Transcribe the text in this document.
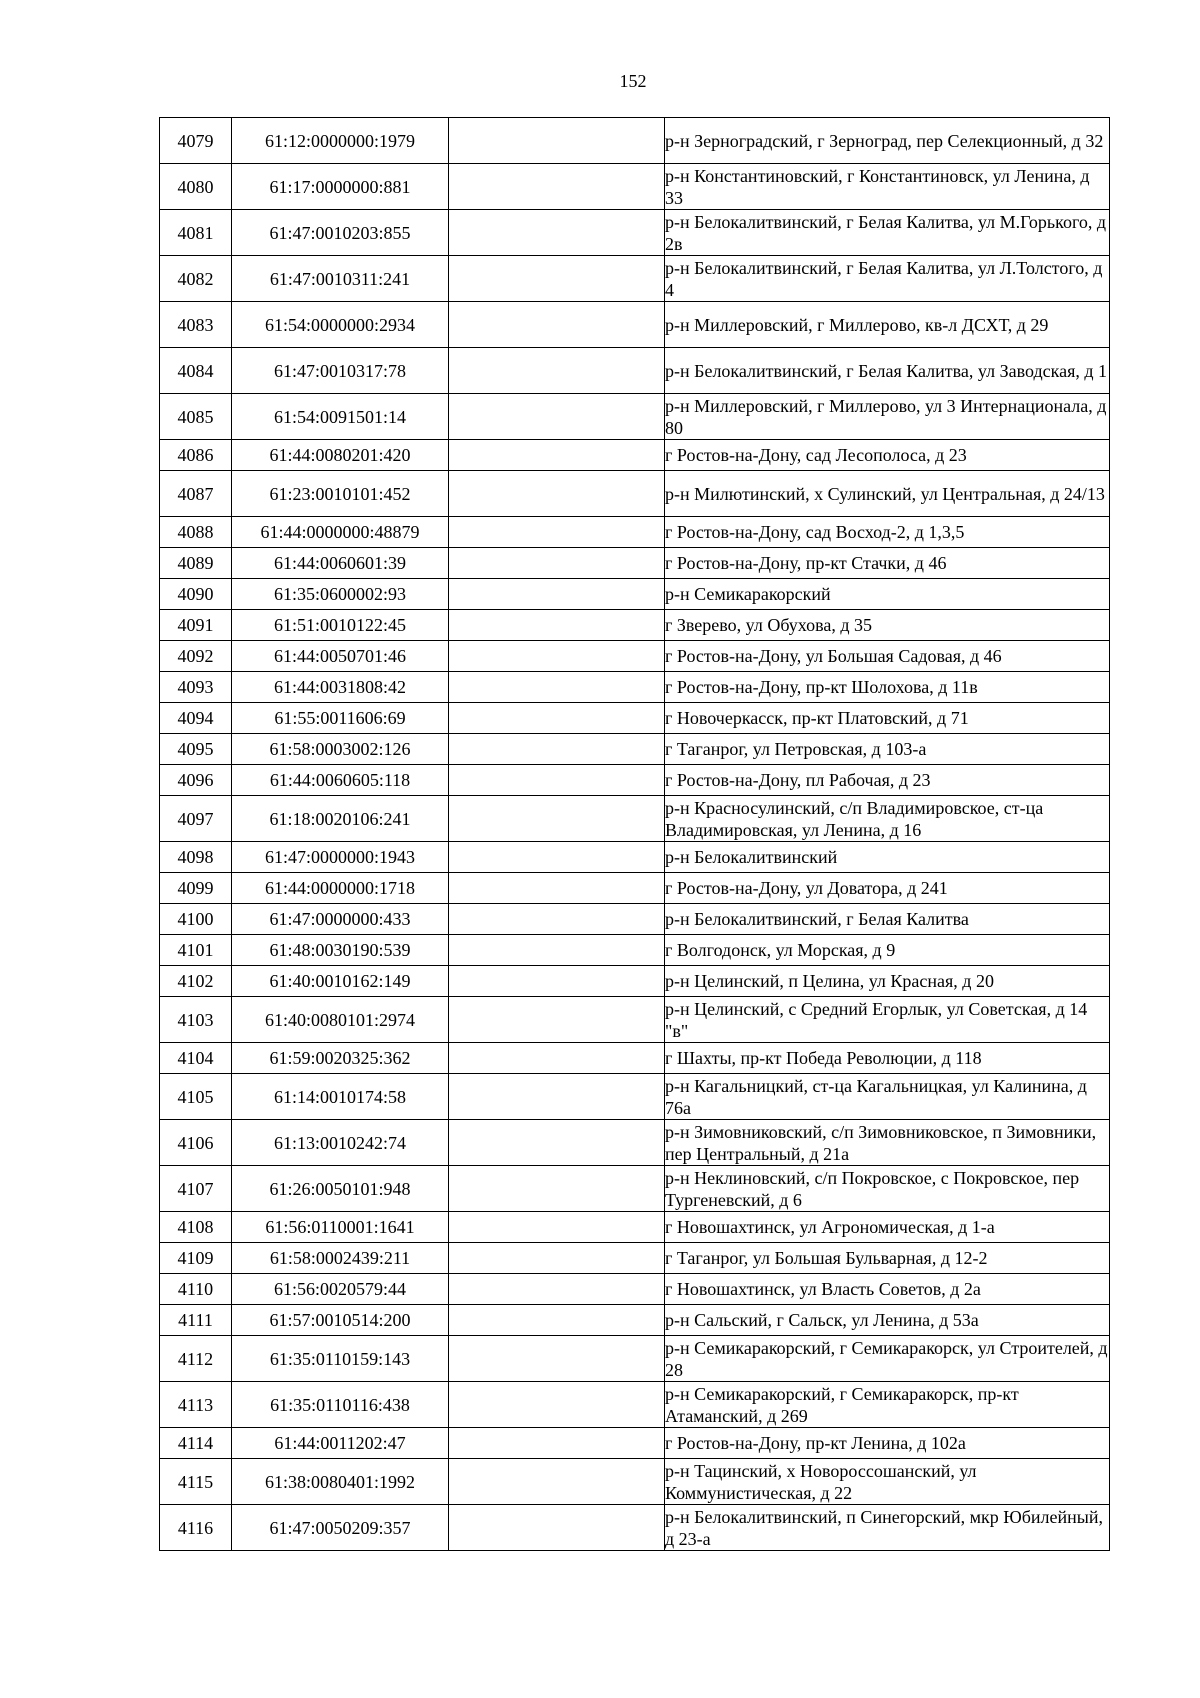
152
4079	61:12:0000000:1979		р-н Зерноградский, г Зерноград, пер Селекционный, д 32
4080	61:17:0000000:881		р-н Константиновский, г Константиновск, ул Ленина, д 33
4081	61:47:0010203:855		р-н Белокалитвинский, г Белая Калитва, ул М.Горького, д 2в
4082	61:47:0010311:241		р-н Белокалитвинский, г Белая Калитва, ул Л.Толстого, д 4
4083	61:54:0000000:2934		р-н Миллеровский, г Миллерово, кв-л ДСХТ, д 29
4084	61:47:0010317:78		р-н Белокалитвинский, г Белая Калитва, ул Заводская, д 1
4085	61:54:0091501:14		р-н Миллеровский, г Миллерово, ул 3 Интернационала, д 80
4086	61:44:0080201:420		г Ростов-на-Дону, сад Лесополоса, д 23
4087	61:23:0010101:452		р-н Милютинский, х Сулинский, ул Центральная, д 24/13
4088	61:44:0000000:48879		г Ростов-на-Дону, сад Восход-2, д 1,3,5
4089	61:44:0060601:39		г Ростов-на-Дону, пр-кт Стачки, д 46
4090	61:35:0600002:93		р-н Семикаракорский
4091	61:51:0010122:45		г Зверево, ул Обухова, д 35
4092	61:44:0050701:46		г Ростов-на-Дону, ул Большая Садовая, д 46
4093	61:44:0031808:42		г Ростов-на-Дону, пр-кт Шолохова, д 11в
4094	61:55:0011606:69		г Новочеркасск, пр-кт Платовский, д 71
4095	61:58:0003002:126		г Таганрог, ул Петровская, д 103-а
4096	61:44:0060605:118		г Ростов-на-Дону, пл Рабочая, д 23
4097	61:18:0020106:241		р-н Красносулинский, с/п Владимировское, ст-ца Владимировская, ул Ленина, д 16
4098	61:47:0000000:1943		р-н Белокалитвинский
4099	61:44:0000000:1718		г Ростов-на-Дону, ул Доватора, д 241
4100	61:47:0000000:433		р-н Белокалитвинский, г Белая Калитва
4101	61:48:0030190:539		г Волгодонск, ул Морская, д 9
4102	61:40:0010162:149		р-н Целинский, п Целина, ул Красная, д 20
4103	61:40:0080101:2974		р-н Целинский, с Средний Егорлык, ул Советская, д 14 "в"
4104	61:59:0020325:362		г Шахты, пр-кт Победа Революции, д 118
4105	61:14:0010174:58		р-н Кагальницкий, ст-ца Кагальницкая, ул Калинина, д 76а
4106	61:13:0010242:74		р-н Зимовниковский, с/п Зимовниковское, п Зимовники, пер Центральный, д 21а
4107	61:26:0050101:948		р-н Неклиновский, с/п Покровское, с Покровское, пер Тургеневский, д 6
4108	61:56:0110001:1641		г Новошахтинск, ул Агрономическая, д 1-а
4109	61:58:0002439:211		г Таганрог, ул Большая Бульварная, д 12-2
4110	61:56:0020579:44		г Новошахтинск, ул Власть Советов, д 2а
4111	61:57:0010514:200		р-н Сальский, г Сальск, ул Ленина, д 53а
4112	61:35:0110159:143		р-н Семикаракорский, г Семикаракорск, ул Строителей, д 28
4113	61:35:0110116:438		р-н Семикаракорский, г Семикаракорск, пр-кт Атаманский, д 269
4114	61:44:0011202:47		г Ростов-на-Дону, пр-кт Ленина, д 102а
4115	61:38:0080401:1992		р-н Тацинский, х Новороссошанский, ул Коммунистическая, д 22
4116	61:47:0050209:357		р-н Белокалитвинский, п Синегорский, мкр Юбилейный, д 23-а
